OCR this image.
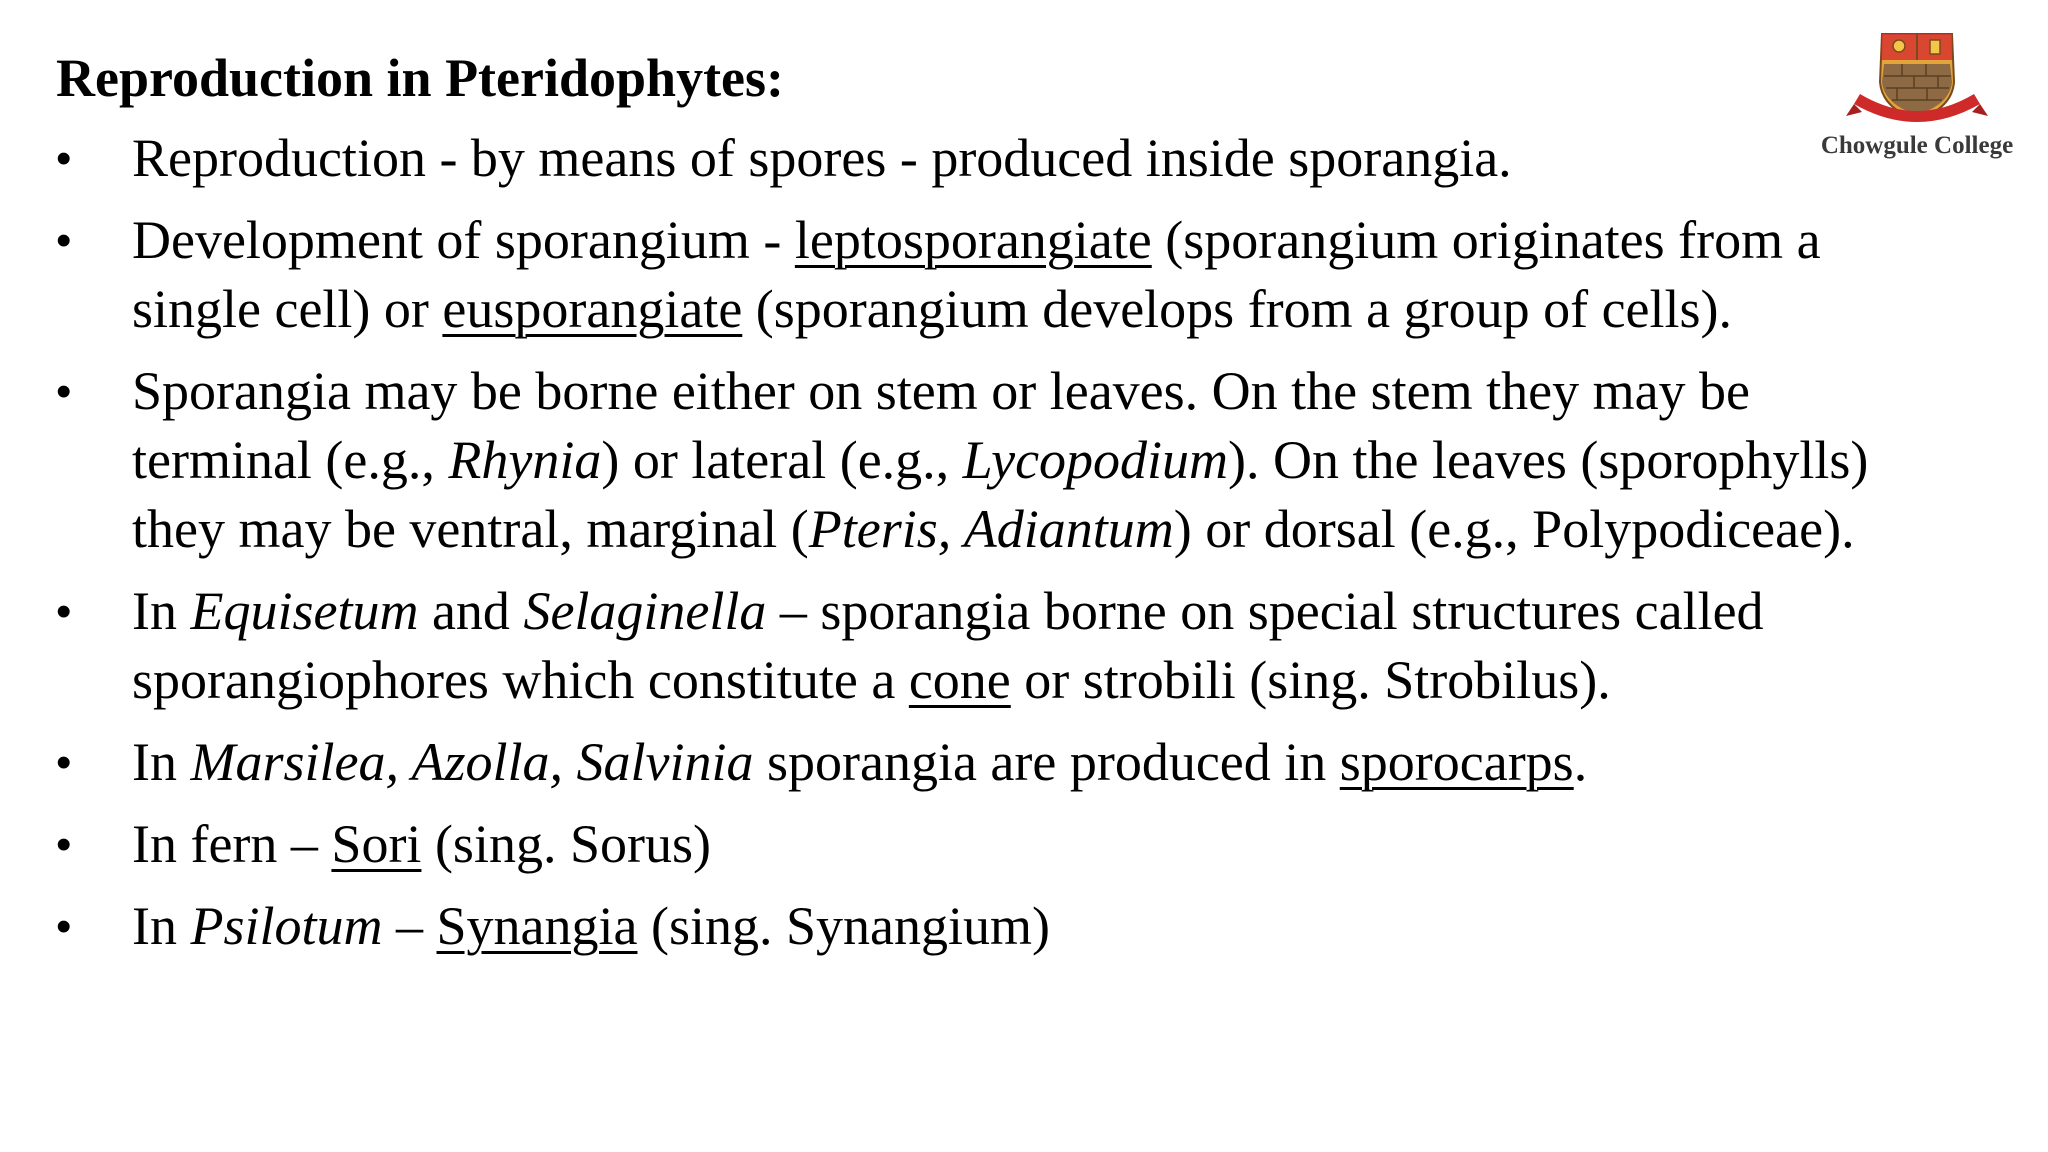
Reproduction in Pteridophytes:
Chowgule College
• Reproduction - by means of spores - produced inside sporangia.
• Development of sporangium - leptosporangiate (sporangium originates from a
single cell) or eusporangiate (sporangium develops from a group of cells).
• Sporangia may be borne either on stem or leaves. On the stem they may be
terminal (e.g., Rhynia) or lateral (e.g., Lycopodium). On the leaves (sporophylls)
they may be ventral, marginal (Pteris, Adiantum) or dorsal (e.g., Polypodiceae).
• In Equisetum and Selaginella – sporangia borne on special structures called
sporangiophores which constitute a cone or strobili (sing. Strobilus).
• In Marsilea, Azolla, Salvinia sporangia are produced in sporocarps.
• In fern – Sori (sing. Sorus)
• In Psilotum – Synangia (sing. Synangium)
